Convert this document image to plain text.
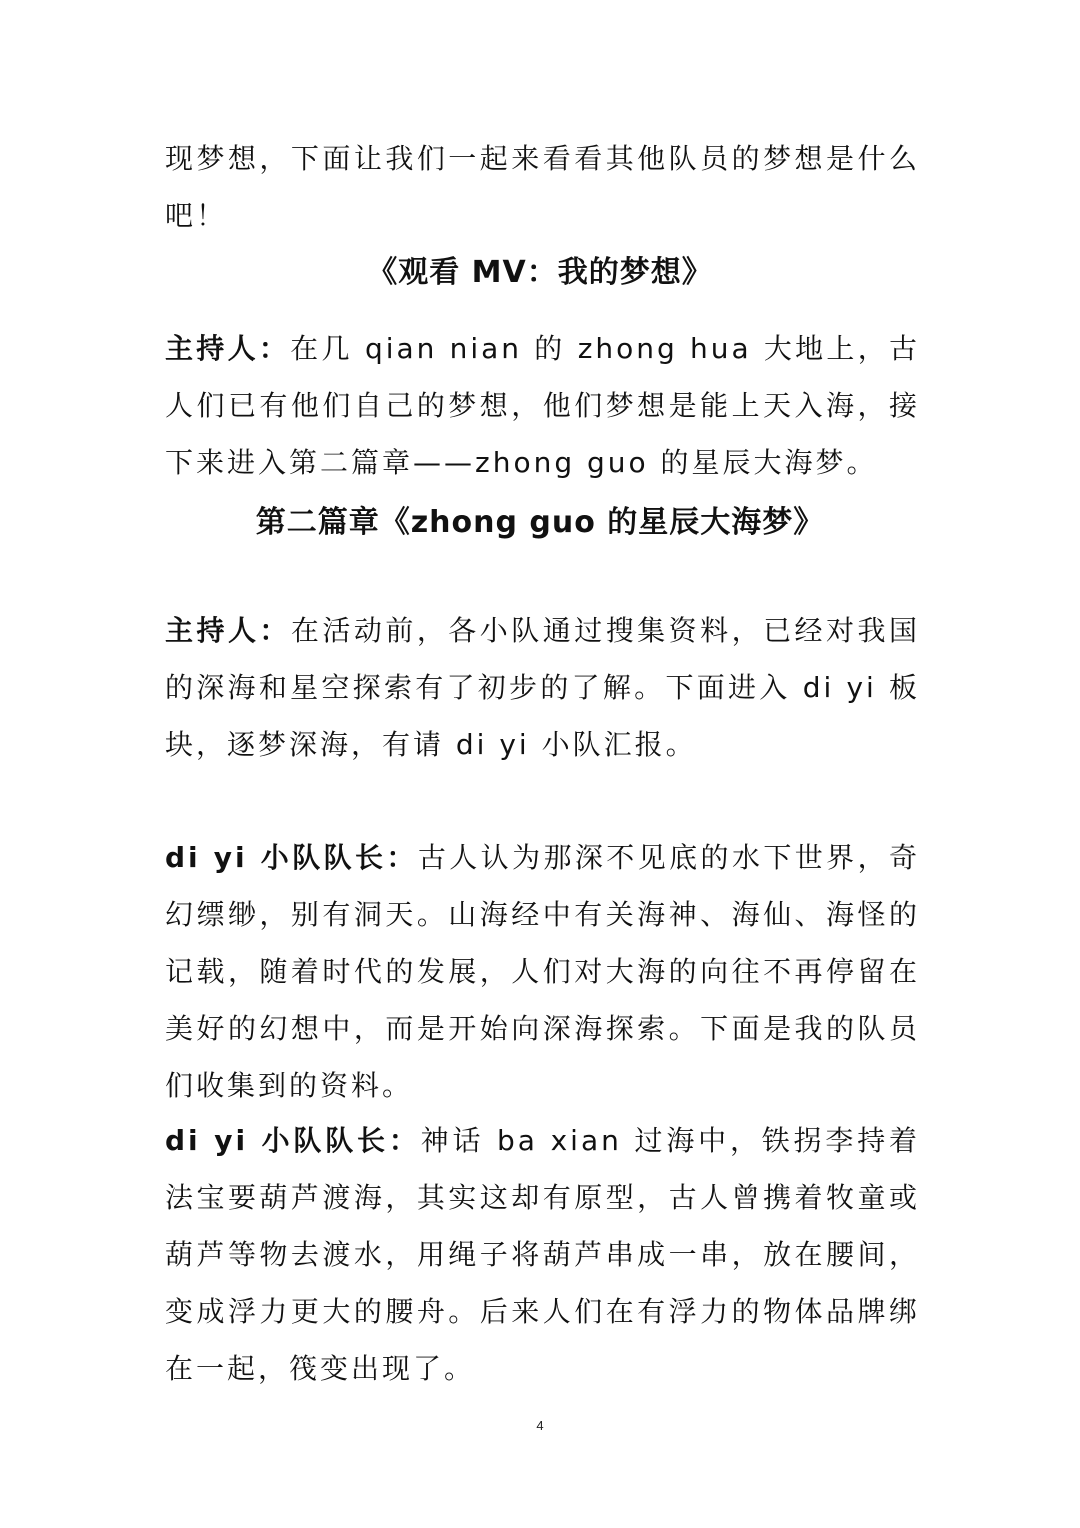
现梦想，下面让我们一起来看看其他队员的梦想是什么吧！
《观看 MV：我的梦想》
主持人：在几 qian nian 的 zhong hua 大地上，古人们已有他们自己的梦想，他们梦想是能上天入海，接下来进入第二篇章——zhong guo 的星辰大海梦。
第二篇章《zhong guo 的星辰大海梦》
主持人：在活动前，各小队通过搜集资料，已经对我国的深海和星空探索有了初步的了解。下面进入 di yi 板块，逐梦深海，有请 di yi 小队汇报。
di yi 小队队长：古人认为那深不见底的水下世界，奇幻缥缈，别有洞天。山海经中有关海神、海仙、海怪的记载，随着时代的发展，人们对大海的向往不再停留在美好的幻想中，而是开始向深海探索。下面是我的队员们收集到的资料。
di yi 小队队长：神话 ba xian 过海中，铁拐李持着法宝要葫芦渡海，其实这却有原型，古人曾携着牧童或葫芦等物去渡水，用绳子将葫芦串成一串，放在腰间，变成浮力更大的腰舟。后来人们在有浮力的物体品牌绑在一起，筏变出现了。
4
